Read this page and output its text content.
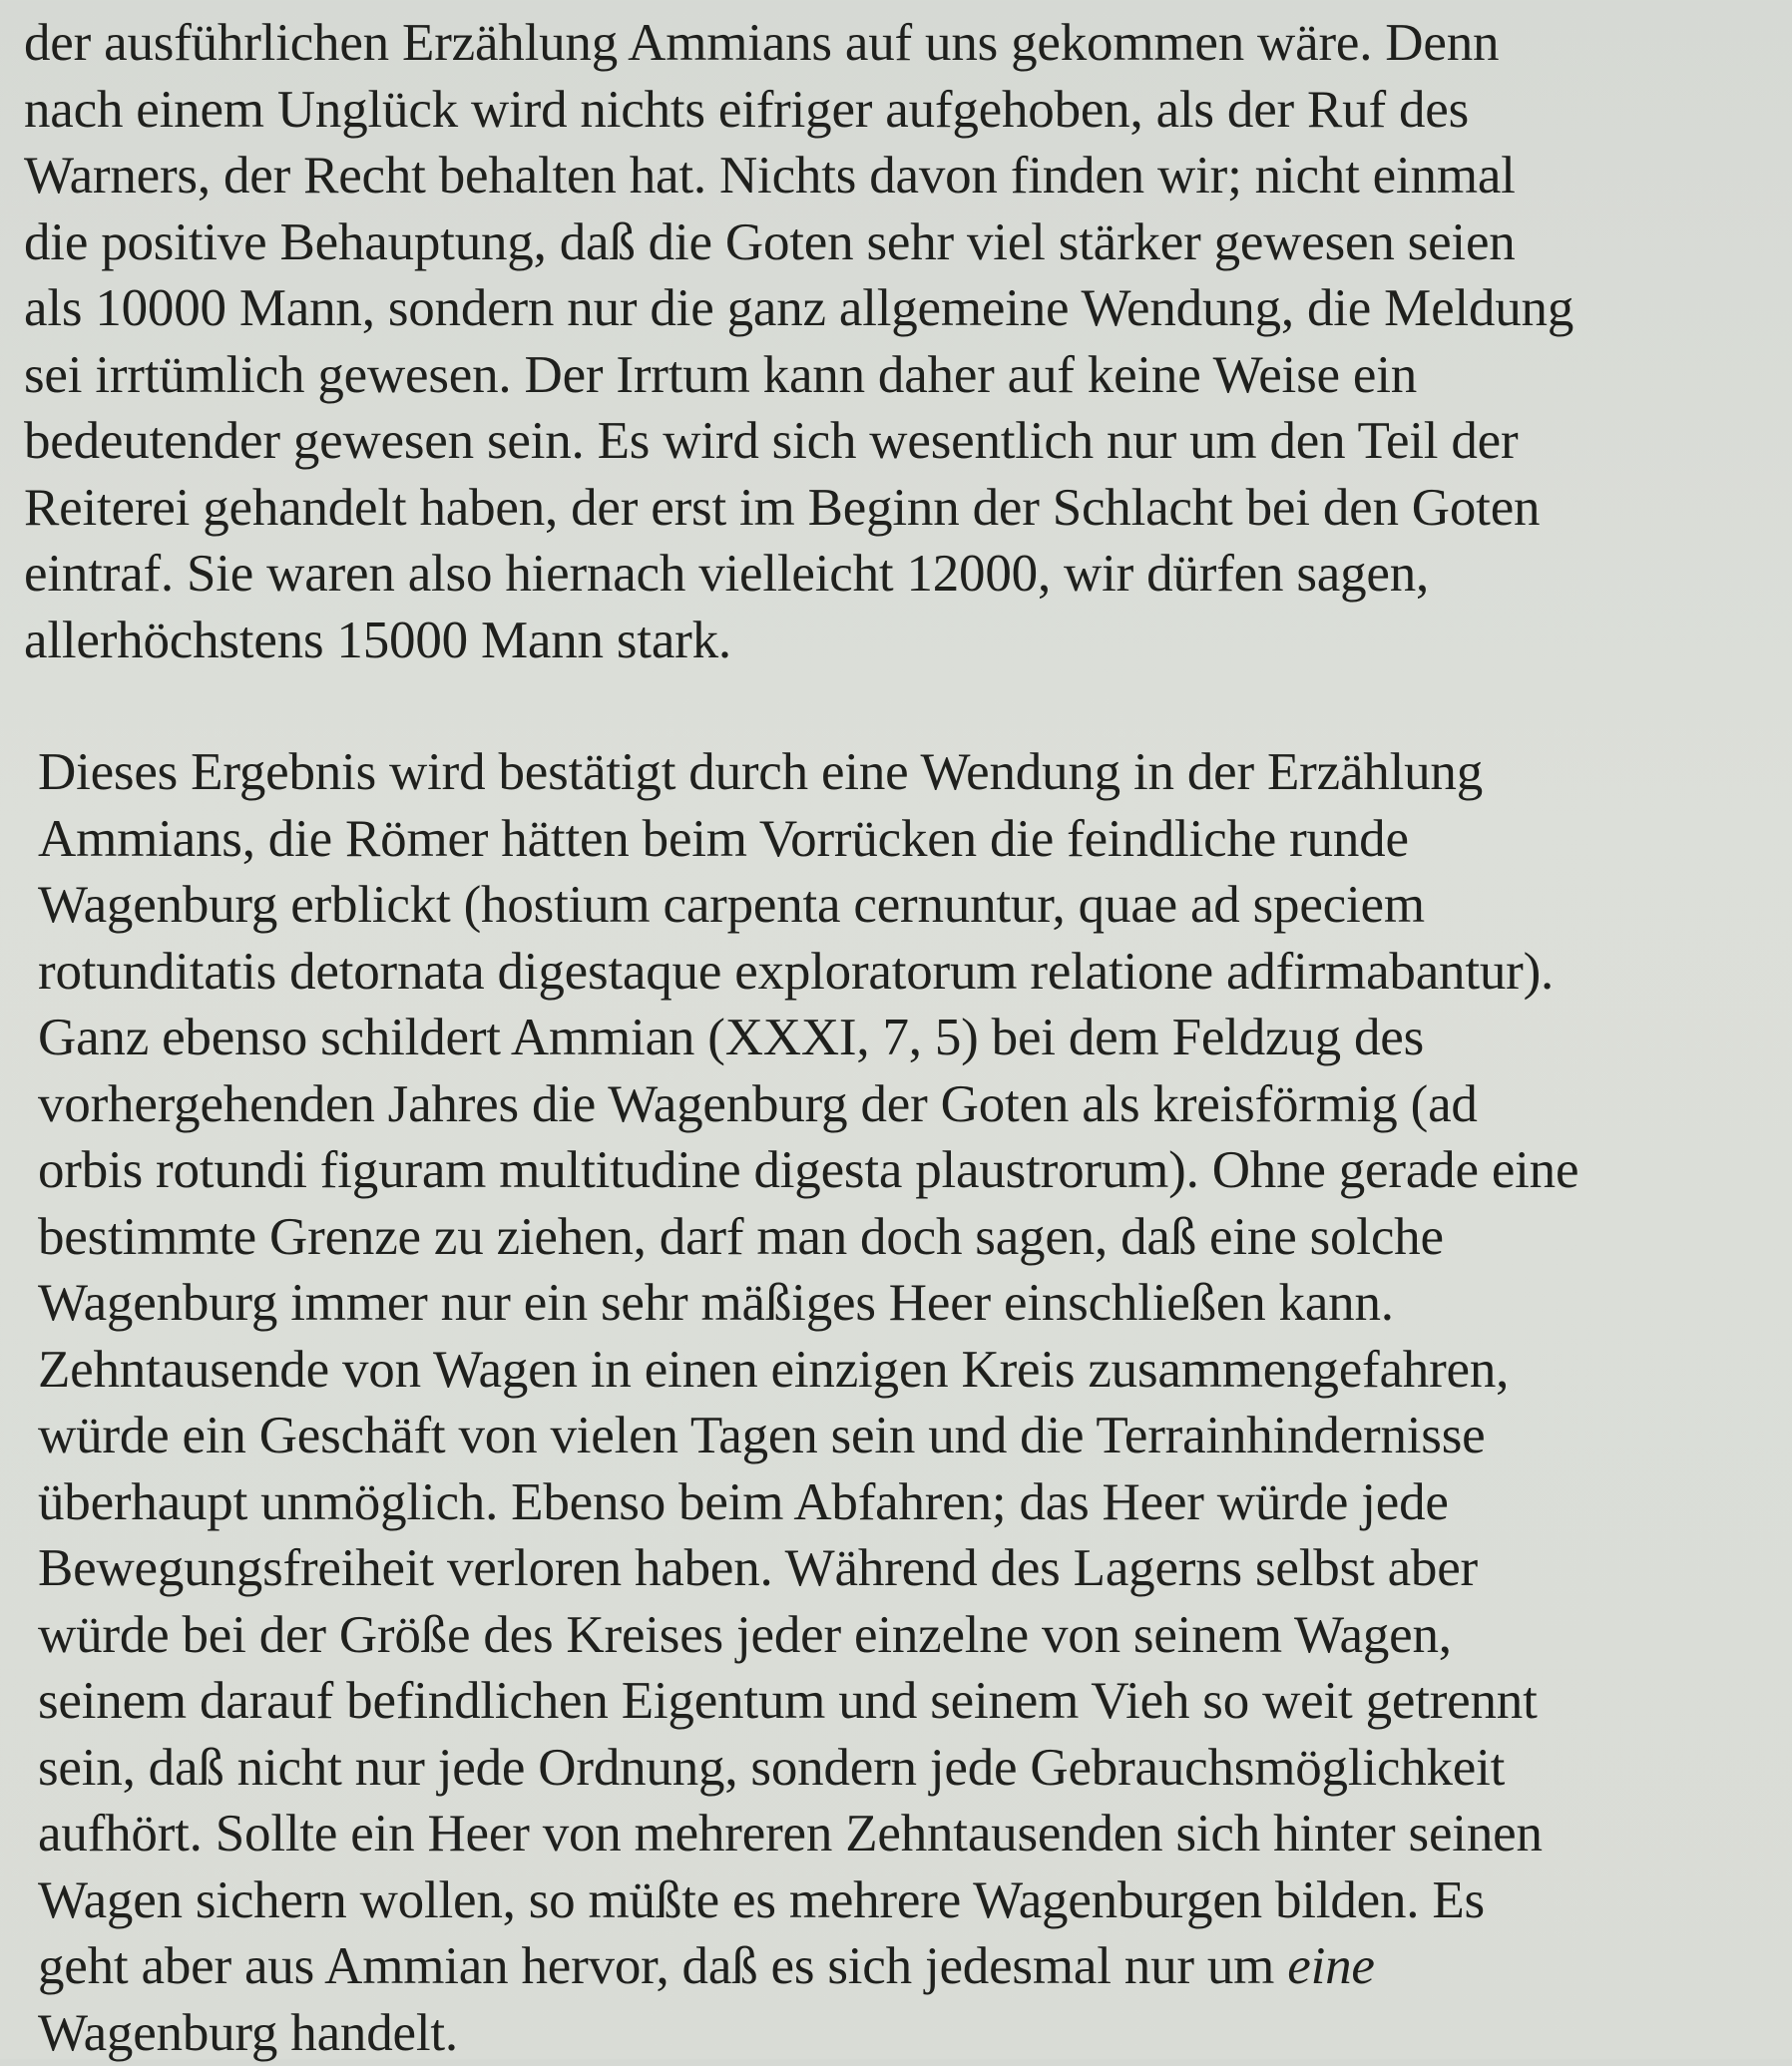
der ausführlichen Erzählung Ammians auf uns gekommen wäre. Denn
nach einem Unglück wird nichts eifriger aufgehoben, als der Ruf des
Warners, der Recht behalten hat. Nichts davon finden wir; nicht einmal
die positive Behauptung, daß die Goten sehr viel stärker gewesen seien
als 10000 Mann, sondern nur die ganz allgemeine Wendung, die Meldung
sei irrtümlich gewesen. Der Irrtum kann daher auf keine Weise ein
bedeutender gewesen sein. Es wird sich wesentlich nur um den Teil der
Reiterei gehandelt haben, der erst im Beginn der Schlacht bei den Goten
eintraf. Sie waren also hiernach vielleicht 12000, wir dürfen sagen,
allerhöchstens 15000 Mann stark.

Dieses Ergebnis wird bestätigt durch eine Wendung in der Erzählung
Ammians, die Römer hätten beim Vorrücken die feindliche runde
Wagenburg erblickt (hostium carpenta cernuntur, quae ad speciem
rotunditatis detornata digestaque exploratorum relatione adfirmabantur).
Ganz ebenso schildert Ammian (XXXI, 7, 5) bei dem Feldzug des
vorhergehenden Jahres die Wagenburg der Goten als kreisförmig (ad
orbis rotundi figuram multitudine digesta plaustrorum). Ohne gerade eine
bestimmte Grenze zu ziehen, darf man doch sagen, daß eine solche
Wagenburg immer nur ein sehr mäßiges Heer einschließen kann.
Zehntausende von Wagen in einen einzigen Kreis zusammengefahren,
würde ein Geschäft von vielen Tagen sein und die Terrainhindernisse
überhaupt unmöglich. Ebenso beim Abfahren; das Heer würde jede
Bewegungsfreiheit verloren haben. Während des Lagerns selbst aber
würde bei der Größe des Kreises jeder einzelne von seinem Wagen,
seinem darauf befindlichen Eigentum und seinem Vieh so weit getrennt
sein, daß nicht nur jede Ordnung, sondern jede Gebrauchsmöglichkeit
aufhört. Sollte ein Heer von mehreren Zehntausenden sich hinter seinen
Wagen sichern wollen, so müßte es mehrere Wagenburgen bilden. Es
geht aber aus Ammian hervor, daß es sich jedesmal nur um eine
Wagenburg handelt.
